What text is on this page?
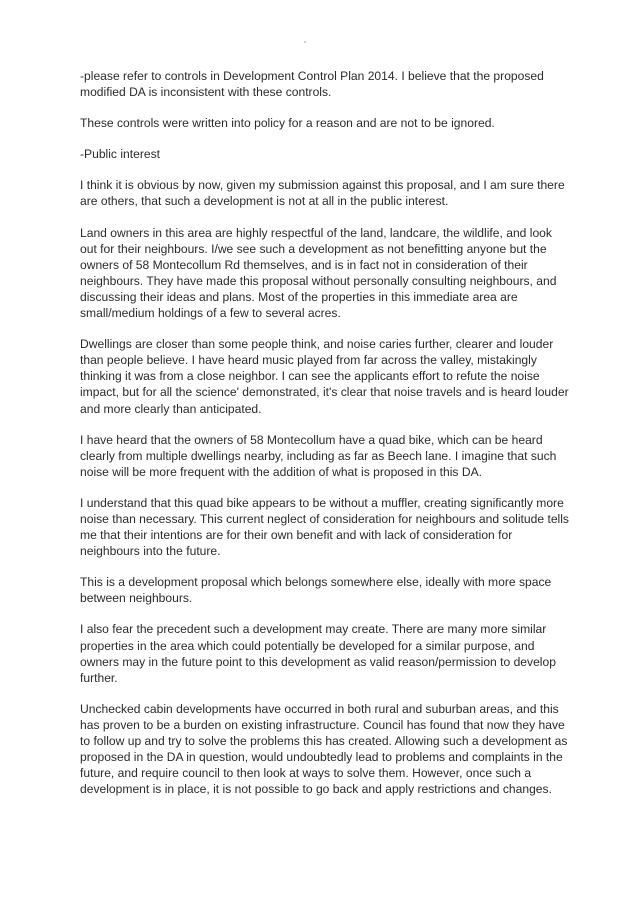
-please refer to controls in Development Control Plan 2014. I believe that the proposed modified DA is inconsistent with these controls.

These controls were written into policy for a reason and are not to be ignored.

-Public interest

I think it is obvious by now, given my submission against this proposal, and I am sure there are others, that such a development is not at all in the public interest.

Land owners in this area are highly respectful of the land, landcare, the wildlife, and look out for their neighbours. I/we see such a development as not benefitting anyone but the owners of 58 Montecollum Rd themselves, and is in fact not in consideration of their neighbours. They have made this proposal without personally consulting neighbours, and discussing their ideas and plans. Most of the properties in this immediate area are small/medium holdings of a few to several acres.

Dwellings are closer than some people think, and noise caries further, clearer and louder than people believe. I have heard music played from far across the valley, mistakingly thinking it was from a close neighbor. I can see the applicants effort to refute the noise impact, but for all the science' demonstrated, it's clear that noise travels and is heard louder and more clearly than anticipated.

I have heard that the owners of 58 Montecollum have a quad bike, which can be heard clearly from multiple dwellings nearby, including as far as Beech lane. I imagine that such noise will be more frequent with the addition of what is proposed in this DA.

I understand that this quad bike appears to be without a muffler, creating significantly more noise than necessary. This current neglect of consideration for neighbours and solitude tells me that their intentions are for their own benefit and with lack of consideration for neighbours into the future.

This is a development proposal which belongs somewhere else, ideally with more space between neighbours.

I also fear the precedent such a development may create. There are many more similar properties in the area which could potentially be developed for a similar purpose, and owners may in the future point to this development as valid reason/permission to develop further.

Unchecked cabin developments have occurred in both rural and suburban areas, and this has proven to be a burden on existing infrastructure. Council has found that now they have to follow up and try to solve the problems this has created. Allowing such a development as proposed in the DA in question, would undoubtedly lead to problems and complaints in the future, and require council to then look at ways to solve them. However, once such a development is in place, it is not possible to go back and apply restrictions and changes.
